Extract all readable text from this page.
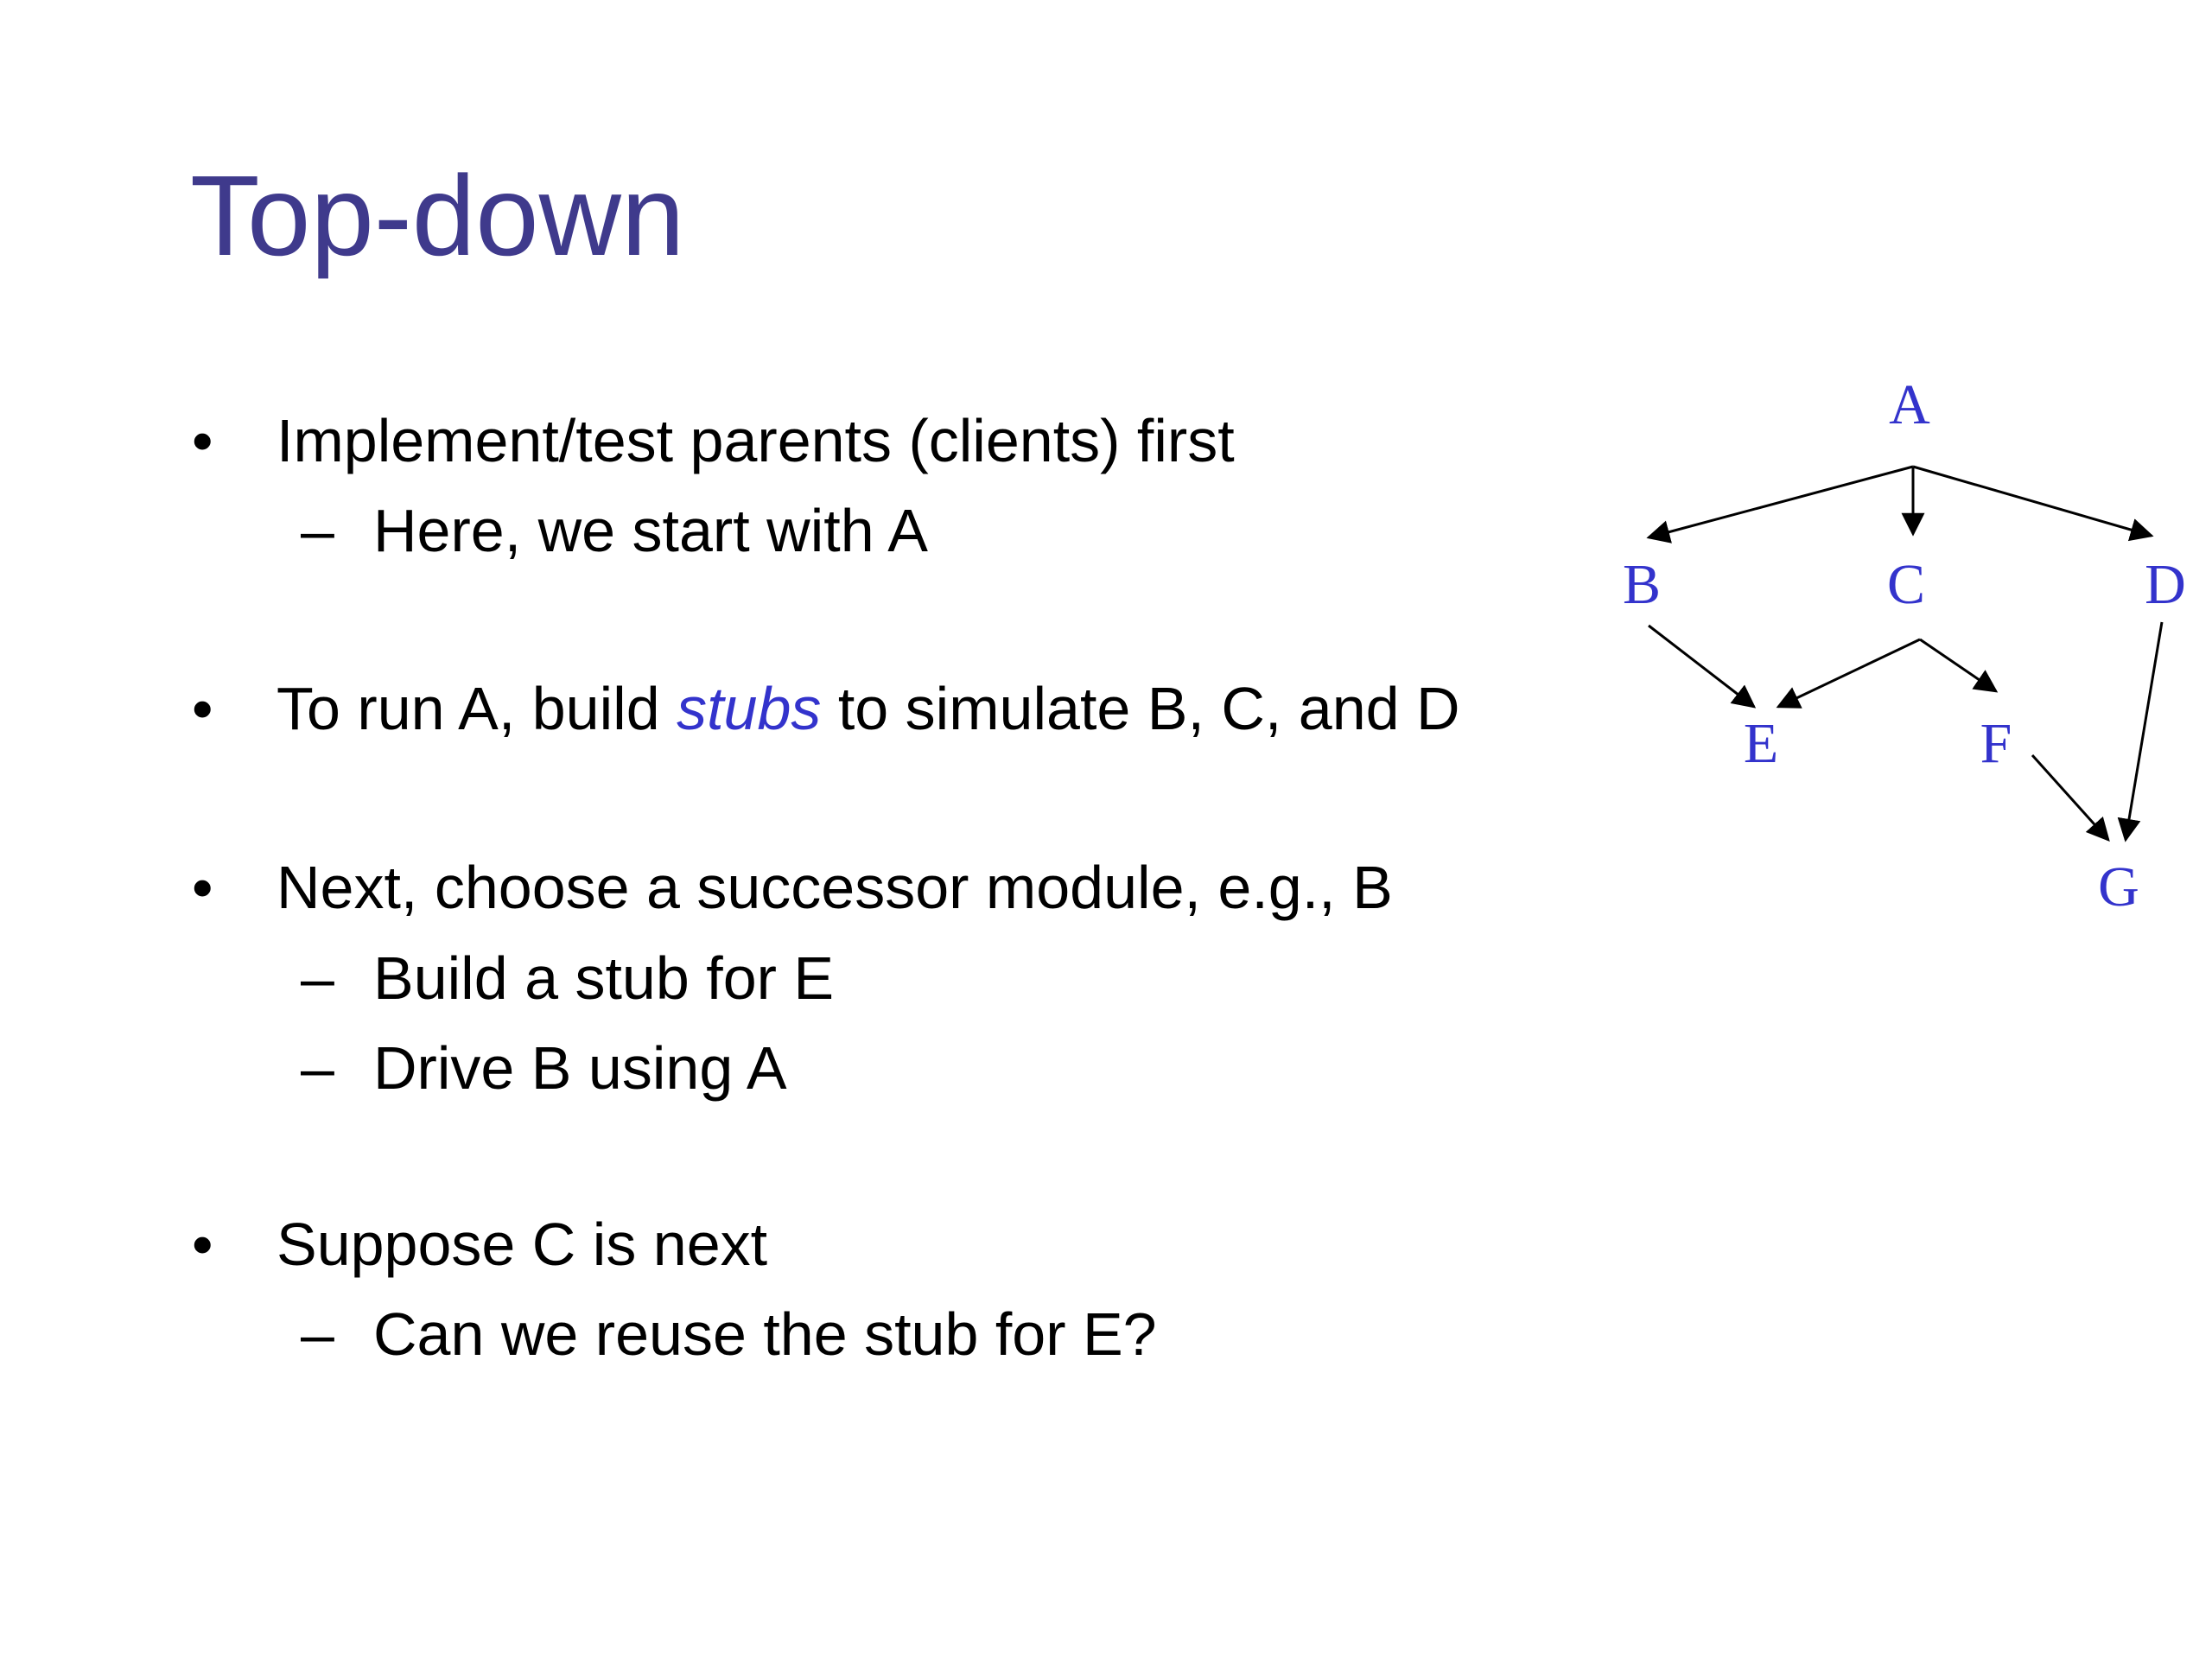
Top-down
• Implement/test parents (clients) first
– Here, we start with A
• To run A, build stubs to simulate B, C, and D
• Next, choose a successor module, e.g., B
– Build a stub for E
– Drive B using A
• Suppose C is next
– Can we reuse the stub for E?
A
B	C	D
E	F
G
